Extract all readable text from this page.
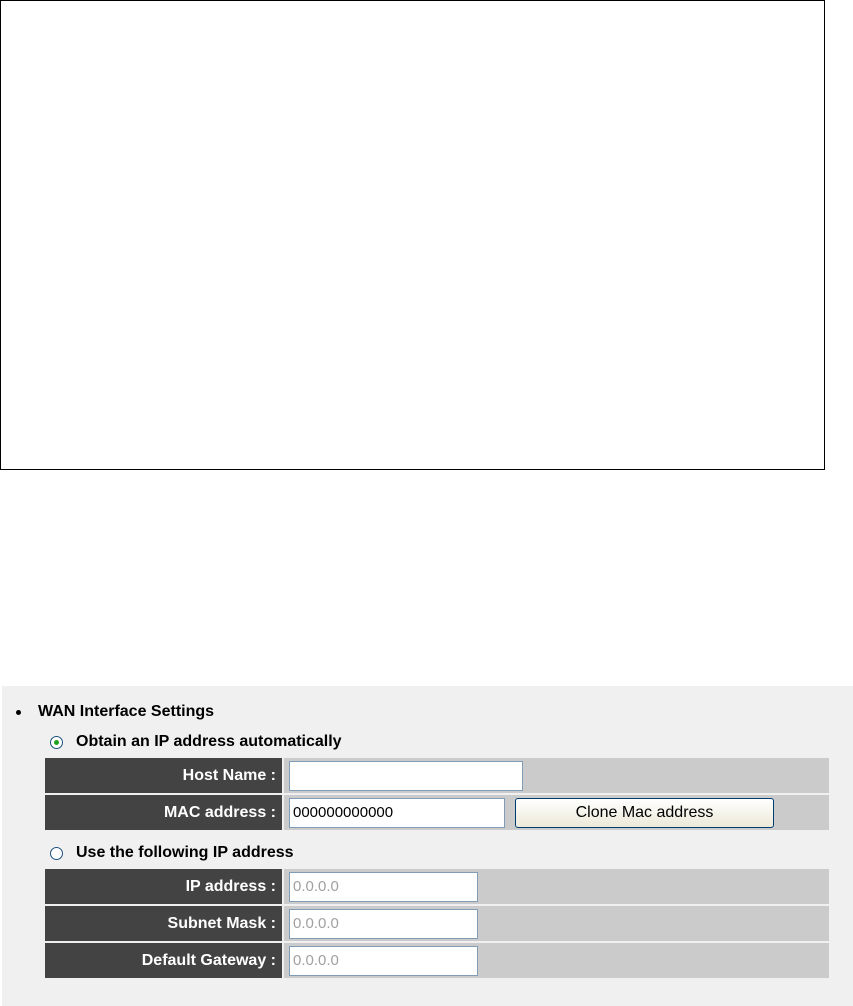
WAN Interface Settings
Obtain an IP address automatically
Host Name :
MAC address :
000000000000	Clone Mac address
Use the following IP address
IP address :
0.0.0.0
Subnet Mask :
0.0.0.0
Default Gateway :
0.0.0.0
